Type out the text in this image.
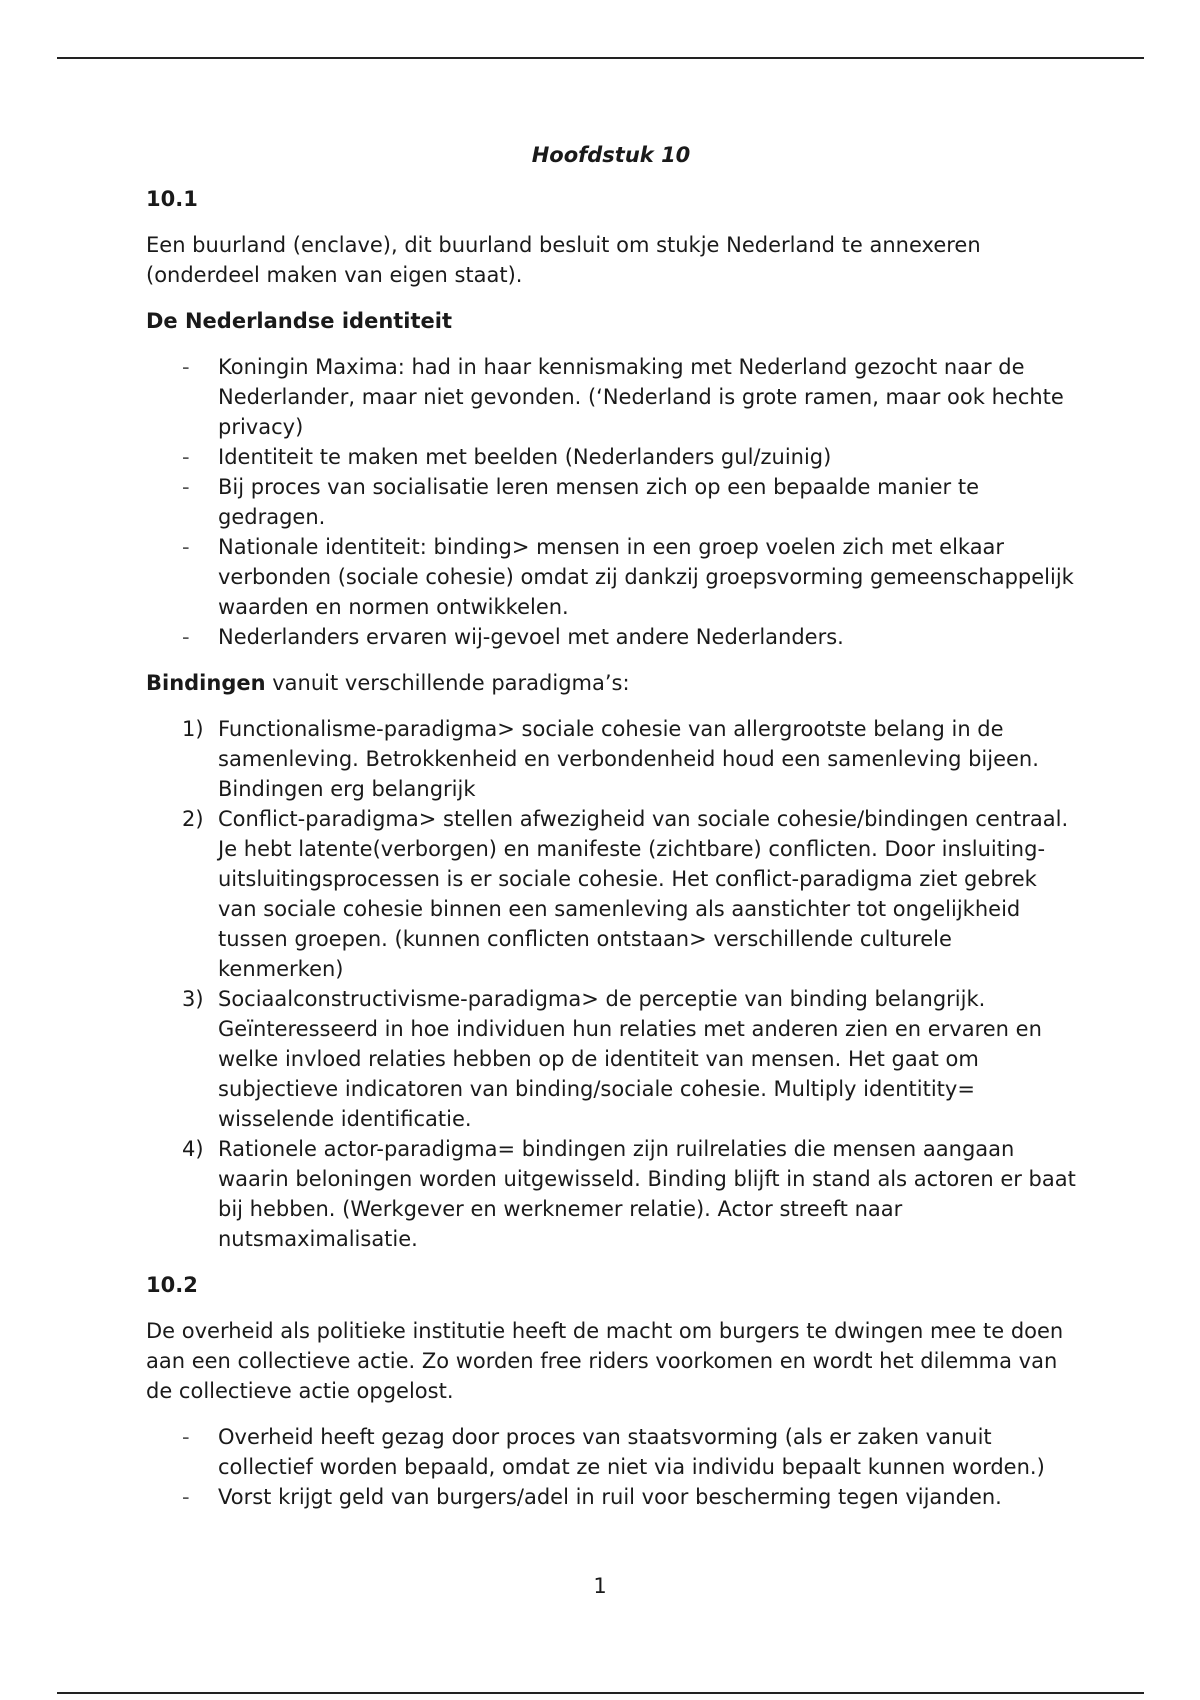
Hoofdstuk 10
10.1

Een buurland (enclave), dit buurland besluit om stukje Nederland te annexeren (onderdeel maken van eigen staat).

De Nederlandse identiteit
- Koningin Maxima: had in haar kennismaking met Nederland gezocht naar de Nederlander, maar niet gevonden. (‘Nederland is grote ramen, maar ook hechte privacy)
- Identiteit te maken met beelden (Nederlanders gul/zuinig)
- Bij proces van socialisatie leren mensen zich op een bepaalde manier te gedragen.
- Nationale identiteit: binding> mensen in een groep voelen zich met elkaar verbonden (sociale cohesie) omdat zij dankzij groepsvorming gemeenschappelijk waarden en normen ontwikkelen.
- Nederlanders ervaren wij-gevoel met andere Nederlanders.

Bindingen vanuit verschillende paradigma’s:

1) Functionalisme-paradigma> sociale cohesie van allergrootste belang in de samenleving. Betrokkenheid en verbondenheid houd een samenleving bijeen. Bindingen erg belangrijk
2) Conflict-paradigma> stellen afwezigheid van sociale cohesie/bindingen centraal. Je hebt latente(verborgen) en manifeste (zichtbare) conflicten. Door insluiting- uitsluitingsprocessen is er sociale cohesie. Het conflict-paradigma ziet gebrek van sociale cohesie binnen een samenleving als aanstichter tot ongelijkheid tussen groepen. (kunnen conflicten ontstaan> verschillende culturele kenmerken)
3) Sociaalconstructivisme-paradigma> de perceptie van binding belangrijk. Geïnteresseerd in hoe individuen hun relaties met anderen zien en ervaren en welke invloed relaties hebben op de identiteit van mensen. Het gaat om subjectieve indicatoren van binding/sociale cohesie. Multiply identitity= wisselende identificatie.
4) Rationele actor-paradigma= bindingen zijn ruilrelaties die mensen aangaan waarin beloningen worden uitgewisseld. Binding blijft in stand als actoren er baat bij hebben. (Werkgever en werknemer relatie). Actor streeft naar nutsmaximalisatie.
10.2

De overheid als politieke institutie heeft de macht om burgers te dwingen mee te doen aan een collectieve actie. Zo worden free riders voorkomen en wordt het dilemma van de collectieve actie opgelost.

- Overheid heeft gezag door proces van staatsvorming (als er zaken vanuit collectief worden bepaald, omdat ze niet via individu bepaalt kunnen worden.)
- Vorst krijgt geld van burgers/adel in ruil voor bescherming tegen vijanden.
1
